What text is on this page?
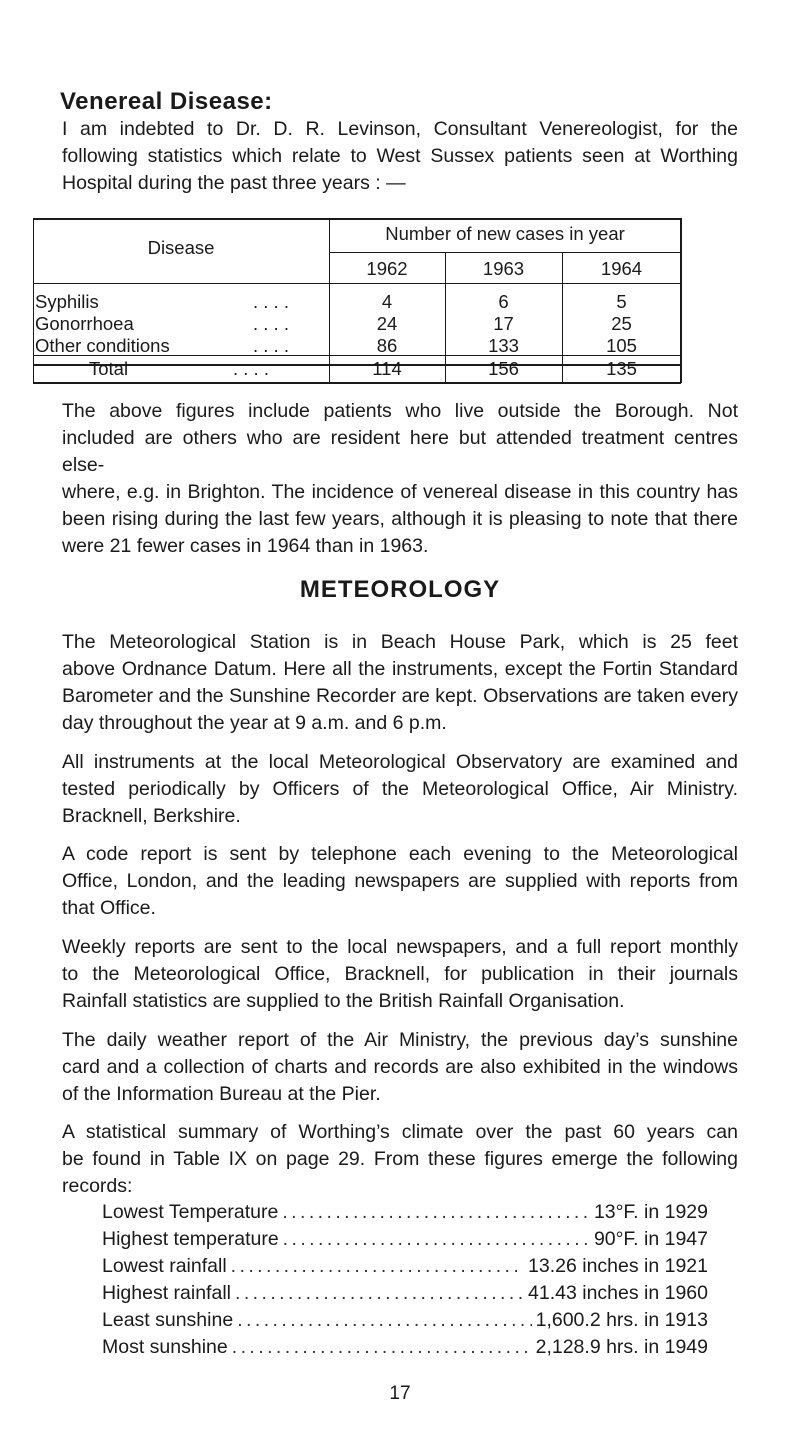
Venereal Disease:
I am indebted to Dr. D. R. Levinson, Consultant Venereologist, for the
following statistics which relate to West Sussex patients seen at Worthing
Hospital during the past three years : —
Disease
Number of new cases in year
1962	1963	1964
Syphilis	. . . .	4	6	5
Gonorrhoea	. . . .	24	17	25
Other conditions	. . . .	86	133	105
Total	. . . .	114	156	135
The above figures include patients who live outside the Borough. Not
included are others who are resident here but attended treatment centres else-
where, e.g. in Brighton. The incidence of venereal disease in this country has
been rising during the last few years, although it is pleasing to note that there
were 21 fewer cases in 1964 than in 1963.
METEOROLOGY
The Meteorological Station is in Beach House Park, which is 25 feet
above Ordnance Datum. Here all the instruments, except the Fortin Standard
Barometer and the Sunshine Recorder are kept. Observations are taken every
day throughout the year at 9 a.m. and 6 p.m.
All instruments at the local Meteorological Observatory are examined and
tested periodically by Officers of the Meteorological Office, Air Ministry.
Bracknell, Berkshire.
A code report is sent by telephone each evening to the Meteorological
Office, London, and the leading newspapers are supplied with reports from
that Office.
Weekly reports are sent to the local newspapers, and a full report monthly
to the Meteorological Office, Bracknell, for publication in their journals
Rainfall statistics are supplied to the British Rainfall Organisation.
The daily weather report of the Air Ministry, the previous day’s sunshine
card and a collection of charts and records are also exhibited in the windows
of the Information Bureau at the Pier.
A statistical summary of Worthing’s climate over the past 60 years can
be found in Table IX on page 29. From these figures emerge the following
records:
Lowest Temperature . . .	13°F. in 1929
Highest temperature . . .	90°F. in 1947
Lowest rainfall . . .	13.26 inches in 1921
Highest rainfall . . .	41.43 inches in 1960
Least sunshine . . .	1,600.2 hrs. in 1913
Most sunshine . . .	2,128.9 hrs. in 1949
17
